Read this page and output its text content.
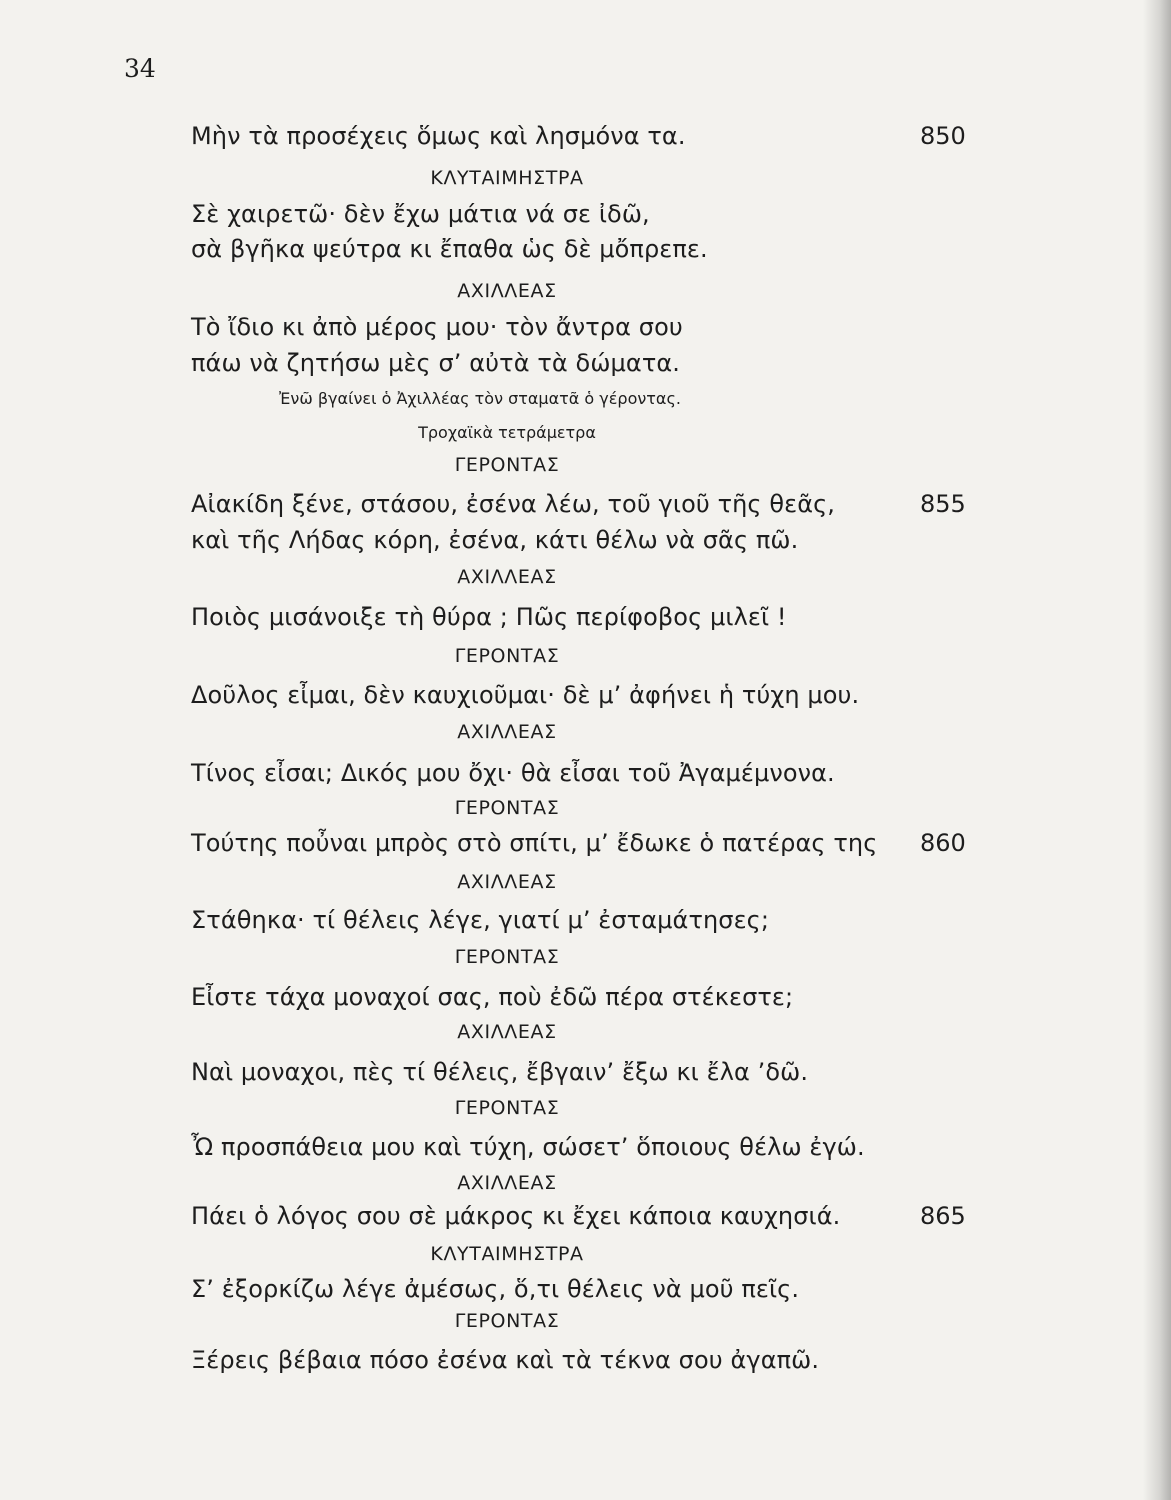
34
Μὴν τὰ προσέχεις ὅμως καὶ λησμόνα τα.	850
ΚΛΥΤΑΙΜΗΣΤΡΑ
Σὲ χαιρετῶ· δὲν ἔχω μάτια νά σε ἰδῶ,
σὰ βγῆκα ψεύτρα κι ἔπαθα ὡς δὲ μὄπρεπε.
ΑΧΙΛΛΕΑΣ
Τὸ ἴδιο κι ἀπὸ μέρος μου· τὸν ἄντρα σου
πάω νὰ ζητήσω μὲς σ’ αὐτὰ τὰ δώματα.
Ἐνῶ βγαίνει ὁ Ἀχιλλέας τὸν σταματᾶ ὁ γέροντας.
Τροχαϊκὰ τετράμετρα
ΓΕΡΟΝΤΑΣ
Αἰακίδη ξένε, στάσου, ἐσένα λέω, τοῦ γιοῦ τῆς θεᾶς,	855
καὶ τῆς Λήδας κόρη, ἐσένα, κάτι θέλω νὰ σᾶς πῶ.
ΑΧΙΛΛΕΑΣ
Ποιὸς μισάνοιξε τὴ θύρα ; Πῶς περίφοβος μιλεῖ !
ΓΕΡΟΝΤΑΣ
Δοῦλος εἶμαι, δὲν καυχιοῦμαι· δὲ μ’ ἀφήνει ἡ τύχη μου.
ΑΧΙΛΛΕΑΣ
Τίνος εἶσαι; Δικός μου ὄχι· θὰ εἶσαι τοῦ Ἀγαμέμνονα.
ΓΕΡΟΝΤΑΣ
Τούτης ποὖναι μπρὸς στὸ σπίτι, μ’ ἔδωκε ὁ πατέρας της 860
ΑΧΙΛΛΕΑΣ
Στάθηκα· τί θέλεις λέγε, γιατί μ’ ἐσταμάτησες;
ΓΕΡΟΝΤΑΣ
Εἶστε τάχα μοναχοί σας, ποὺ ἐδῶ πέρα στέκεστε;
ΑΧΙΛΛΕΑΣ
Ναὶ μοναχοι, πὲς τί θέλεις, ἔβγαιν’ ἔξω κι ἔλα ’δῶ.
ΓΕΡΟΝΤΑΣ
Ὦ προσπάθεια μου καὶ τύχη, σώσετ’ ὅποιους θέλω ἐγώ.
ΑΧΙΛΛΕΑΣ
Πάει ὁ λόγος σου σὲ μάκρος κι ἔχει κάποια καυχησιά.	865
ΚΛΥΤΑΙΜΗΣΤΡΑ
Σ’ ἐξορκίζω λέγε ἀμέσως, ὅ,τι θέλεις νὰ μοῦ πεῖς.
ΓΕΡΟΝΤΑΣ
Ξέρεις βέβαια πόσο ἐσένα καὶ τὰ τέκνα σου ἀγαπῶ.
